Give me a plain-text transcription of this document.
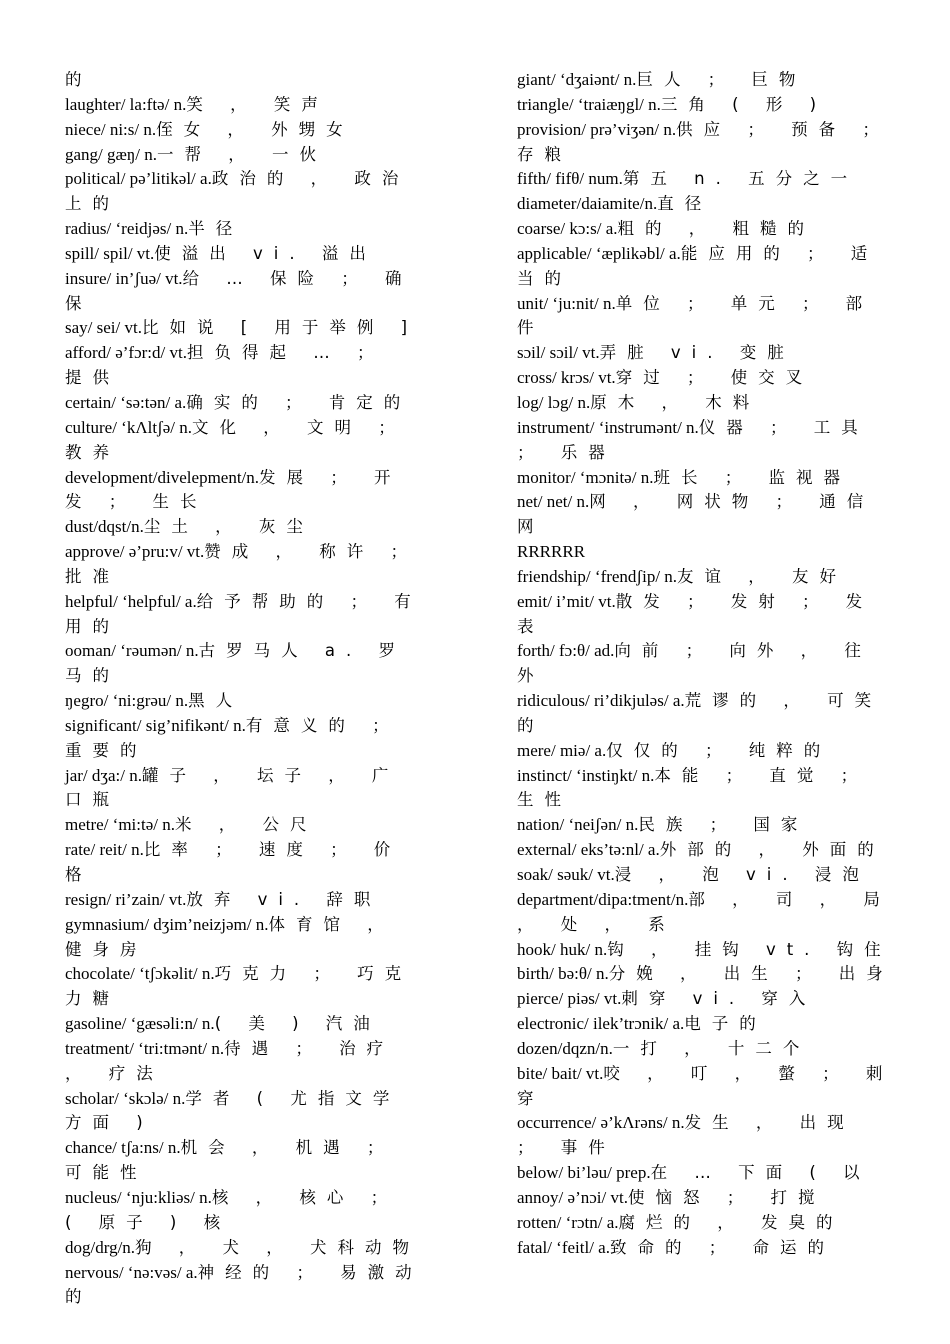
的

laughter/ la:ftə/ n.笑 ， 笑声

niece/ ni:s/ n.侄女 ， 外甥女

gang/ gæŋ/ n.一帮 ， 一伙

political/ pə’litikəl/ a.政治的 ， 政治上的

radius/ ‘reidjəs/ n.半径

spill/ spil/ vt.使溢出 vi. 溢出

insure/ in’ʃuə/ vt.给 … 保险 ； 确保

say/ sei/ vt.比如说 [ 用于举例 ]

afford/ ə’fɔr:d/ vt.担负得起 … ； 提供

certain/ ‘sə:tən/ a.确实的 ； 肯定的

culture/ ‘kΛltʃə/ n.文化 ， 文明 ； 教养

development/divelepment/n.发展 ； 开发 ； 生长

dust/dqst/n.尘土 ， 灰尘

approve/ ə’pru:v/ vt.赞成 ， 称许 ； 批准

helpful/ ‘helpful/ a.给予帮助的 ； 有用的

ooman/ ‘rəumən/ n.古罗马人 a. 罗马的

ŋegro/ ‘ni:grəu/ n.黑人

significant/ sig’nifikənt/ n.有意义的 ； 重要的

jar/ dʒa:/ n.罐子 ， 坛子 ， 广口瓶

metre/ ‘mi:tə/ n.米 ， 公尺

rate/ reit/ n.比率 ； 速度 ； 价格

resign/ ri’zain/ vt.放弃 vi. 辞职

gymnasium/ dʒim’neizjəm/ n.体育馆 ， 健身房

chocolate/ ‘tʃɔkəlit/ n.巧克力 ； 巧克力糖

gasoline/ ‘gæsəli:n/ n.( 美 ) 汽油

treatment/ ‘tri:tmənt/ n.待遇 ； 治疗 ， 疗法

scholar/ ‘skɔlə/ n.学者 ( 尤指文学方面 )

chance/ tʃa:ns/ n.机会 ， 机遇 ； 可能性

nucleus/ ‘nju:kliəs/ n.核 ， 核心 ； ( 原子 ) 核

dog/drg/n.狗 ， 犬 ， 犬科动物

nervous/ ‘nə:vəs/ a.神经的 ； 易激动的

giant/ ‘dʒaiənt/ n.巨人 ； 巨物

triangle/ ‘traiæŋgl/ n.三角 ( 形 )

provision/ prə’viʒən/ n.供应 ； 预备 ； 存粮

fifth/ fifθ/ num.第五 n. 五分之一

diameter/daiamite/n.直径

coarse/ kɔ:s/ a.粗的 ， 粗糙的

applicable/ ‘æplikəbl/ a.能应用的 ； 适当的

unit/ ‘ju:nit/ n.单位 ； 单元 ； 部件

sɔil/ sɔil/ vt.弄脏 vi. 变脏

cross/ krɔs/ vt.穿过 ； 使交叉

log/ lɔg/ n.原木 ， 木料

instrument/ ‘instrumənt/ n.仪器 ； 工具 ； 乐器

monitor/ ‘mɔnitə/ n.班长 ； 监视器

net/ net/ n.网 ， 网状物 ； 通信网

RRRRRR

friendship/ ‘frendʃip/ n.友谊 ， 友好

emit/ i’mit/ vt.散发 ； 发射 ； 发表

forth/ fɔ:θ/ ad.向前 ； 向外 ， 往外

ridiculous/ ri’dikjuləs/ a.荒谬的 ， 可笑的

mere/ miə/ a.仅仅的 ； 纯粹的

instinct/ ‘instiŋkt/ n.本能 ； 直觉 ； 生性

nation/ ‘neiʃən/ n.民族 ； 国家

external/ eks’tə:nl/ a.外部的 ， 外面的

soak/ səuk/ vt.浸 ， 泡 vi. 浸泡

department/dipa:tment/n.部 ， 司 ， 局 ， 处 ， 系

hook/ huk/ n.钩 ， 挂钩 vt. 钩住

birth/ bə:θ/ n.分娩 ， 出生 ； 出身

pierce/ piəs/ vt.刺穿 vi. 穿入

electronic/ ilek’trɔnik/ a.电子的

dozen/dqzn/n.一打 ， 十二个

bite/ bait/ vt.咬 ， 叮 ， 螫 ； 刺穿

occurrence/ ə’kΛrəns/ n.发生 ， 出现 ； 事件

below/ bi’ləu/ prep.在 … 下面 ( 以

annoy/ ə’nɔi/ vt.使恼怒 ； 打搅

rotten/ ‘rɔtn/ a.腐烂的 ， 发臭的

fatal/ ‘feitl/ a.致命的 ； 命运的
